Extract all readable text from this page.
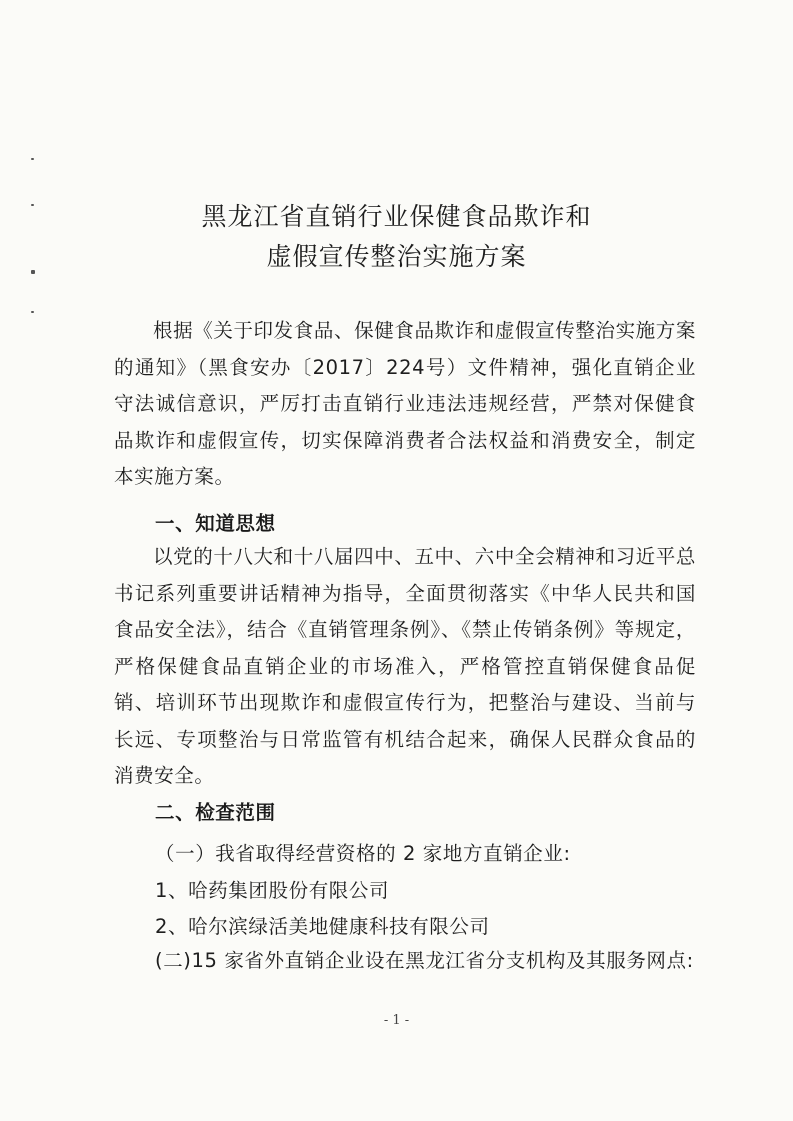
黑龙江省直销行业保健食品欺诈和
虚假宣传整治实施方案

根据《关于印发食品、保健食品欺诈和虚假宣传整治实施方案的通知》（黑食安办〔2017〕224号）文件精神，强化直销企业守法诚信意识，严厉打击直销行业违法违规经营，严禁对保健食品欺诈和虚假宣传，切实保障消费者合法权益和消费安全，制定本实施方案。

一、知道思想

以党的十八大和十八届四中、五中、六中全会精神和习近平总书记系列重要讲话精神为指导，全面贯彻落实《中华人民共和国食品安全法》，结合《直销管理条例》、《禁止传销条例》等规定，严格保健食品直销企业的市场准入，严格管控直销保健食品促销、培训环节出现欺诈和虚假宣传行为，把整治与建设、当前与长远、专项整治与日常监管有机结合起来，确保人民群众食品的消费安全。

二、检查范围

（一）我省取得经营资格的 2 家地方直销企业:

1、哈药集团股份有限公司

2、哈尔滨绿活美地健康科技有限公司

(二)15 家省外直销企业设在黑龙江省分支机构及其服务网点:

- 1 -
